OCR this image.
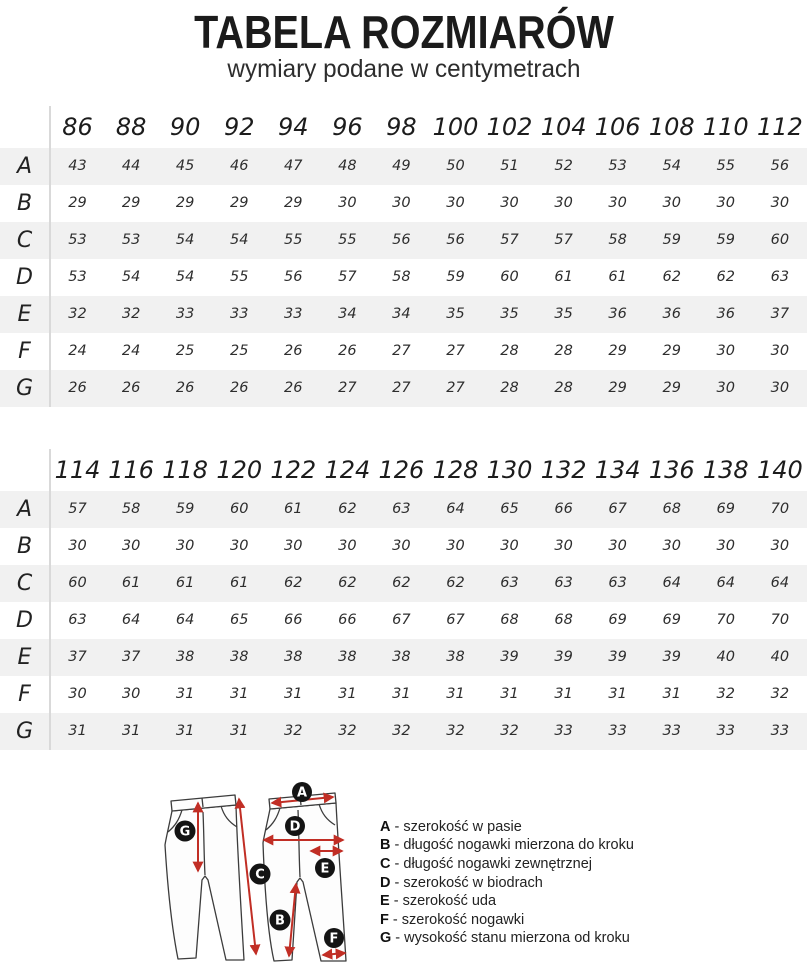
TABELA ROZMIARÓW
wymiary podane w centymetrach
	86	88	90	92	94	96	98	100	102	104	106	108	110	112
A	43	44	45	46	47	48	49	50	51	52	53	54	55	56
B	29	29	29	29	29	30	30	30	30	30	30	30	30	30
C	53	53	54	54	55	55	56	56	57	57	58	59	59	60
D	53	54	54	55	56	57	58	59	60	61	61	62	62	63
E	32	32	33	33	33	34	34	35	35	35	36	36	36	37
F	24	24	25	25	26	26	27	27	28	28	29	29	30	30
G	26	26	26	26	26	27	27	27	28	28	29	29	30	30
	114	116	118	120	122	124	126	128	130	132	134	136	138	140
A	57	58	59	60	61	62	63	64	65	66	67	68	69	70
B	30	30	30	30	30	30	30	30	30	30	30	30	30	30
C	60	61	61	61	62	62	62	62	63	63	63	64	64	64
D	63	64	64	65	66	66	67	67	68	68	69	69	70	70
E	37	37	38	38	38	38	38	38	39	39	39	39	40	40
F	30	30	31	31	31	31	31	31	31	31	31	31	32	32
G	31	31	31	31	32	32	32	32	32	33	33	33	33	33
A
B
C
D
E
F
G	A - szerokość w pasie
B - długość nogawki mierzona do kroku
C - długość nogawki zewnętrznej
D - szerokość w biodrach
E - szerokość uda
F - szerokość nogawki
G - wysokość stanu mierzona od kroku
